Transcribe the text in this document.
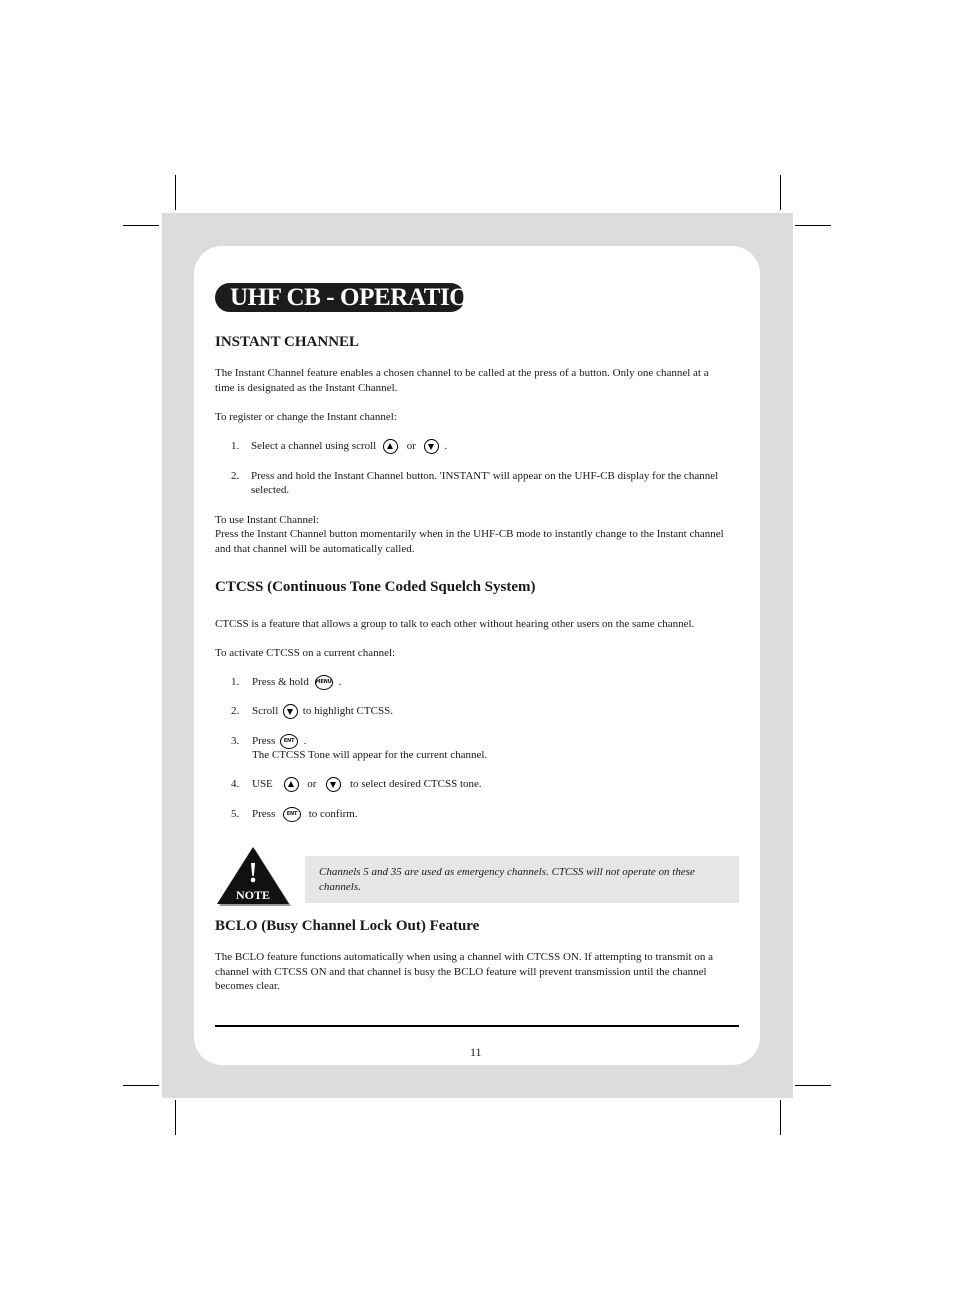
UHF CB - OPERATION
INSTANT CHANNEL
The Instant Channel feature enables a chosen channel to be called at the press of a button. Only one channel at a
time is designated as the Instant Channel.
To register or change the Instant channel:
1. Select a channel using scroll	or	.
2. Press and hold the Instant Channel button. 'INSTANT' will appear on the UHF-CB display for the channel
selected.
To use Instant Channel:
Press the Instant Channel button momentarily when in the UHF-CB mode to instantly change to the Instant channel
and that channel will be automatically called.
CTCSS (Continuous Tone Coded Squelch System)
CTCSS is a feature that allows a group to talk to each other without hearing other users on the same channel.
To activate CTCSS on a current channel:
1. Press & hold MENU .
2. Scroll to highlight CTCSS.
3. Press ENT .
The CTCSS Tone will appear for the current channel.
4. USE	or	to select desired CTCSS tone.
5. Press ENT to confirm.
!
NOTE
Channels 5 and 35 are used as emergency channels. CTCSS will not operate on these
channels.
BCLO (Busy Channel Lock Out) Feature
The BCLO feature functions automatically when using a channel with CTCSS ON. If attempting to transmit on a
channel with CTCSS ON and that channel is busy the BCLO feature will prevent transmission until the channel
becomes clear.
11
